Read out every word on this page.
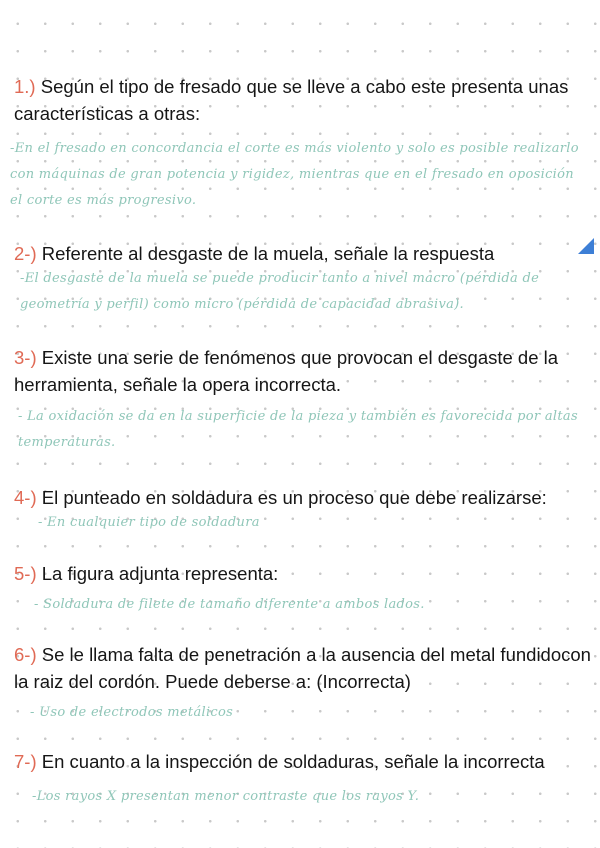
1.) Según el tipo de fresado que se lleve a cabo este presenta unas características a otras:
-En el fresado en concordancia el corte es más violento y solo es posible realizarlo con máquinas de gran potencia y rigidez, mientras que en el fresado en oposición el corte es más progresivo.
2-) Referente al desgaste de la muela, señale la respuesta
-El desgaste de la muela se puede producir tanto a nivel macro (pérdida de geometría y perfil) como micro (pérdida de capacidad abrasiva).
3-) Existe una serie de fenómenos que provocan el desgaste de la herramienta, señale la opera incorrecta.
- La oxidación se da en la superficie de la pieza y también es favorecida por altas temperaturas.
4-) El punteado en soldadura es un proceso que debe realizarse:
- En cualquier tipo de soldadura
5-) La figura adjunta representa:
- Soldadura de filete de tamaño diferente a ambos lados.
6-) Se le llama falta de penetración a la ausencia del metal fundidocon la raiz del cordón. Puede deberse a: (Incorrecta)
- Uso de electrodos metálicos
7-) En cuanto a la inspección de soldaduras, señale la incorrecta
-Los rayos X presentan menor contraste que los rayos Y.
